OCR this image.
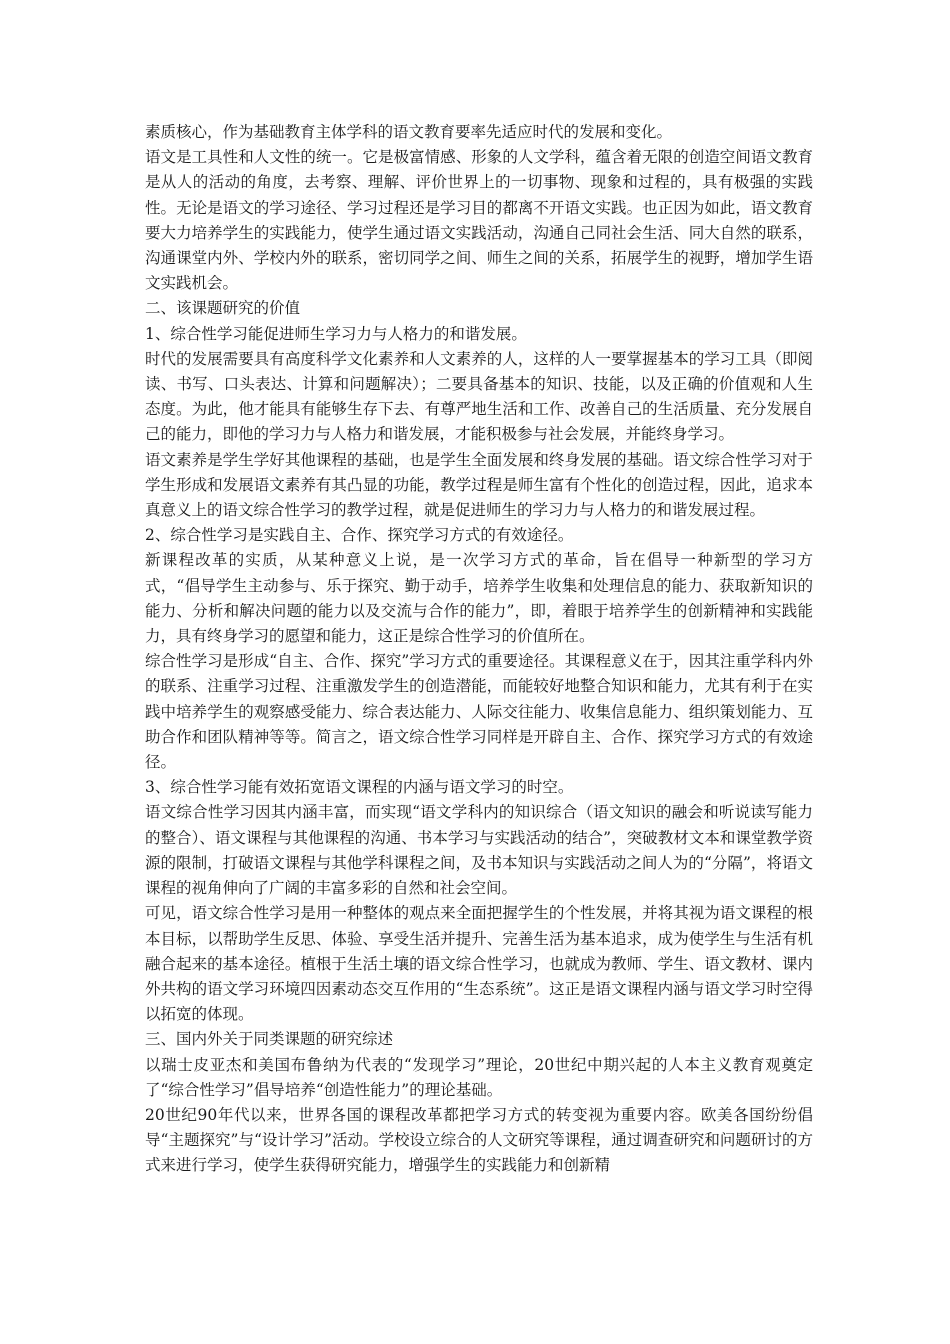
素质核心，作为基础教育主体学科的语文教育要率先适应时代的发展和变化。

语文是工具性和人文性的统一。它是极富情感、形象的人文学科，蕴含着无限的创造空间语文教育是从人的活动的角度，去考察、理解、评价世界上的一切事物、现象和过程的，具有极强的实践性。无论是语文的学习途径、学习过程还是学习目的都离不开语文实践。也正因为如此，语文教育要大力培养学生的实践能力，使学生通过语文实践活动，沟通自己同社会生活、同大自然的联系，沟通课堂内外、学校内外的联系，密切同学之间、师生之间的关系，拓展学生的视野，增加学生语文实践机会。

二、该课题研究的价值

1、综合性学习能促进师生学习力与人格力的和谐发展。

时代的发展需要具有高度科学文化素养和人文素养的人，这样的人一要掌握基本的学习工具（即阅读、书写、口头表达、计算和问题解决）；二要具备基本的知识、技能，以及正确的价值观和人生态度。为此，他才能具有能够生存下去、有尊严地生活和工作、改善自己的生活质量、充分发展自己的能力，即他的学习力与人格力和谐发展，才能积极参与社会发展，并能终身学习。

语文素养是学生学好其他课程的基础，也是学生全面发展和终身发展的基础。语文综合性学习对于学生形成和发展语文素养有其凸显的功能，教学过程是师生富有个性化的创造过程，因此，追求本真意义上的语文综合性学习的教学过程，就是促进师生的学习力与人格力的和谐发展过程。

2、综合性学习是实践自主、合作、探究学习方式的有效途径。

新课程改革的实质，从某种意义上说，是一次学习方式的革命，旨在倡导一种新型的学习方式，“倡导学生主动参与、乐于探究、勤于动手，培养学生收集和处理信息的能力、获取新知识的能力、分析和解决问题的能力以及交流与合作的能力”，即，着眼于培养学生的创新精神和实践能力，具有终身学习的愿望和能力，这正是综合性学习的价值所在。

综合性学习是形成“自主、合作、探究”学习方式的重要途径。其课程意义在于，因其注重学科内外的联系、注重学习过程、注重激发学生的创造潜能，而能较好地整合知识和能力，尤其有利于在实践中培养学生的观察感受能力、综合表达能力、人际交往能力、收集信息能力、组织策划能力、互助合作和团队精神等等。简言之，语文综合性学习同样是开辟自主、合作、探究学习方式的有效途径。

3、综合性学习能有效拓宽语文课程的内涵与语文学习的时空。

语文综合性学习因其内涵丰富，而实现“语文学科内的知识综合（语文知识的融会和听说读写能力的整合）、语文课程与其他课程的沟通、书本学习与实践活动的结合”，突破教材文本和课堂教学资源的限制，打破语文课程与其他学科课程之间，及书本知识与实践活动之间人为的“分隔”，将语文课程的视角伸向了广阔的丰富多彩的自然和社会空间。

可见，语文综合性学习是用一种整体的观点来全面把握学生的个性发展，并将其视为语文课程的根本目标，以帮助学生反思、体验、享受生活并提升、完善生活为基本追求，成为使学生与生活有机融合起来的基本途径。植根于生活土壤的语文综合性学习，也就成为教师、学生、语文教材、课内外共构的语文学习环境四因素动态交互作用的“生态系统”。这正是语文课程内涵与语文学习时空得以拓宽的体现。

三、国内外关于同类课题的研究综述

以瑞士皮亚杰和美国布鲁纳为代表的“发现学习”理论，20世纪中期兴起的人本主义教育观奠定了“综合性学习”倡导培养“创造性能力”的理论基础。

20世纪90年代以来，世界各国的课程改革都把学习方式的转变视为重要内容。欧美各国纷纷倡导“主题探究”与“设计学习”活动。学校设立综合的人文研究等课程，通过调查研究和问题研讨的方式来进行学习，使学生获得研究能力，增强学生的实践能力和创新精
